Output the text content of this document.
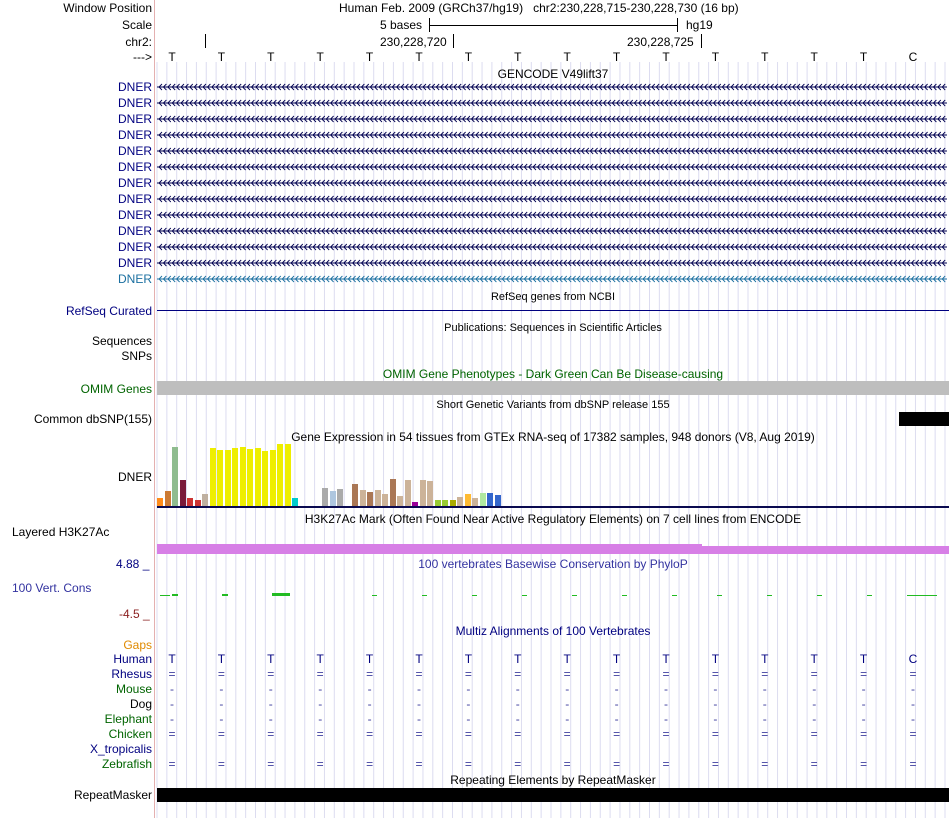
Window Position	Human Feb. 2009 (GRCh37/hg19) chr2:230,228,715-230,228,730 (16 bp)
Scale	5 bases	hg19
chr2:	230,228,720	230,228,725
---> T	T	T	T	T	T	T	T	T	T	T	T	T	T	T	C
GENCODE V49lift37
DNER
DNER
DNER
DNER
DNER
DNER
DNER
DNER
DNER
DNER
DNER
DNER
DNER
RefSeq genes from NCBI
RefSeq Curated
Publications: Sequences in Scientific Articles
Sequences
SNPs
OMIM Gene Phenotypes - Dark Green Can Be Disease-causing
OMIM Genes
Short Genetic Variants from dbSNP release 155
Common dbSNP(155)
Gene Expression in 54 tissues from GTEx RNA-seq of 17382 samples, 948 donors (V8, Aug 2019)
DNER
H3K27Ac Mark (Often Found Near Active Regulatory Elements) on 7 cell lines from ENCODE
Layered H3K27Ac
4.88 _	100 vertebrates Basewise Conservation by PhyloP
100 Vert. Cons
-4.5 _
Multiz Alignments of 100 Vertebrates
Gaps
Human T	T	T	T	T	T	T	T	T	T	T	T	T	T	T	C
Rhesus =	=	=	=	=	=	=	=	=	=	=	=	=	=	=	=
Mouse	-	-	-	-	-	-	-	-	-	-	-	-	-	-	-	-
Dog	-	-	-	-	-	-	-	-	-	-	-	-	-	-	-	-
Elephant	-	-	-	-	-	-	-	-	-	-	-	-	-	-	-	-
Chicken =	=	=	=	=	=	=	=	=	=	=	=	=	=	=	=
X_tropicalis
Zebrafish =	=	=	=	=	=	=	=	=	=	=	=	=	=	=	=
Repeating Elements by RepeatMasker
RepeatMasker
